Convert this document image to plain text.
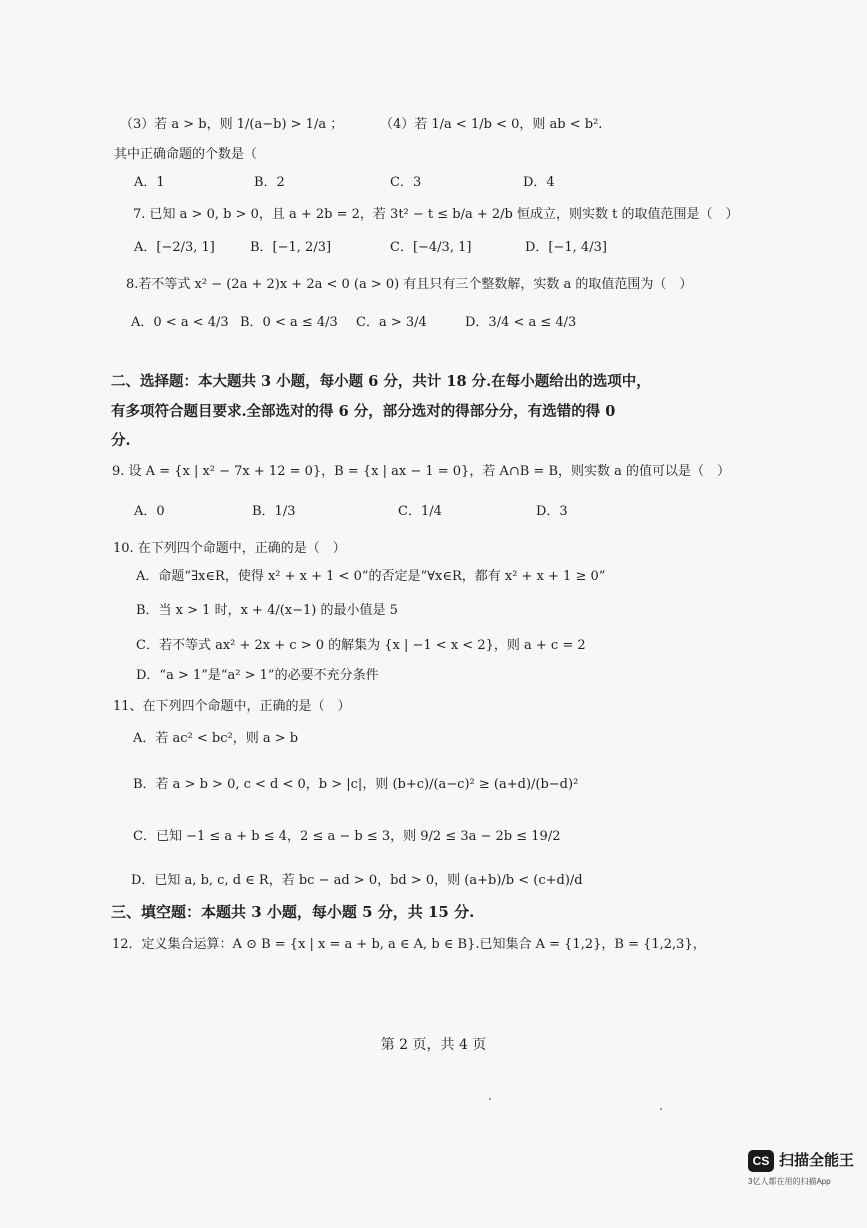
（3）若 a > b，则 1/(a−b) > 1/a ；	（4）若 1/a < 1/b < 0，则 ab < b².
其中正确命题的个数是（
A．1	B．2	C．3	D．4
7. 已知 a > 0, b > 0，且 a + 2b = 2，若 3t² − t ≤ b/a + 2/b 恒成立，则实数 t 的取值范围是（　）
A．[−2/3, 1]	B．[−1, 2/3]	C．[−4/3, 1]	D．[−1, 4/3]
8.若不等式 x² − (2a + 2)x + 2a < 0 (a > 0) 有且只有三个整数解，实数 a 的取值范围为（　）
A．0 < a < 4/3 B．0 < a ≤ 4/3 C．a > 3/4	D．3/4 < a ≤ 4/3
二、选择题：本大题共 3 小题，每小题 6 分，共计 18 分.在每小题给出的选项中，
有多项符合题目要求.全部选对的得 6 分，部分选对的得部分分，有选错的得 0
分.
9. 设 A = {x | x² − 7x + 12 = 0}，B = {x | ax − 1 = 0}，若 A∩B = B，则实数 a 的值可以是（　）
A．0	B．1/3	C．1/4	D．3
10. 在下列四个命题中，正确的是（　）
A．命题“∃x∈R，使得 x² + x + 1 < 0”的否定是“∀x∈R，都有 x² + x + 1 ≥ 0”
B．当 x > 1 时，x + 4/(x−1) 的最小值是 5
C．若不等式 ax² + 2x + c > 0 的解集为 {x | −1 < x < 2}，则 a + c = 2
D．“a > 1”是“a² > 1”的必要不充分条件
11、在下列四个命题中，正确的是（　）
A．若 ac² < bc²，则 a > b
B．若 a > b > 0, c < d < 0，b > |c|，则 (b+c)/(a−c)² ≥ (a+d)/(b−d)²
C．已知 −1 ≤ a + b ≤ 4，2 ≤ a − b ≤ 3，则 9/2 ≤ 3a − 2b ≤ 19/2
D．已知 a, b, c, d ∈ R，若 bc − ad > 0，bd > 0，则 (a+b)/b < (c+d)/d
三、填空题：本题共 3 小题，每小题 5 分，共 15 分.
12．定义集合运算：A ⊙ B = {x | x = a + b, a ∈ A, b ∈ B}.已知集合 A = {1,2}，B = {1,2,3}，
第 2 页，共 4 页
CS 扫描全能王
3亿人都在用的扫描App
